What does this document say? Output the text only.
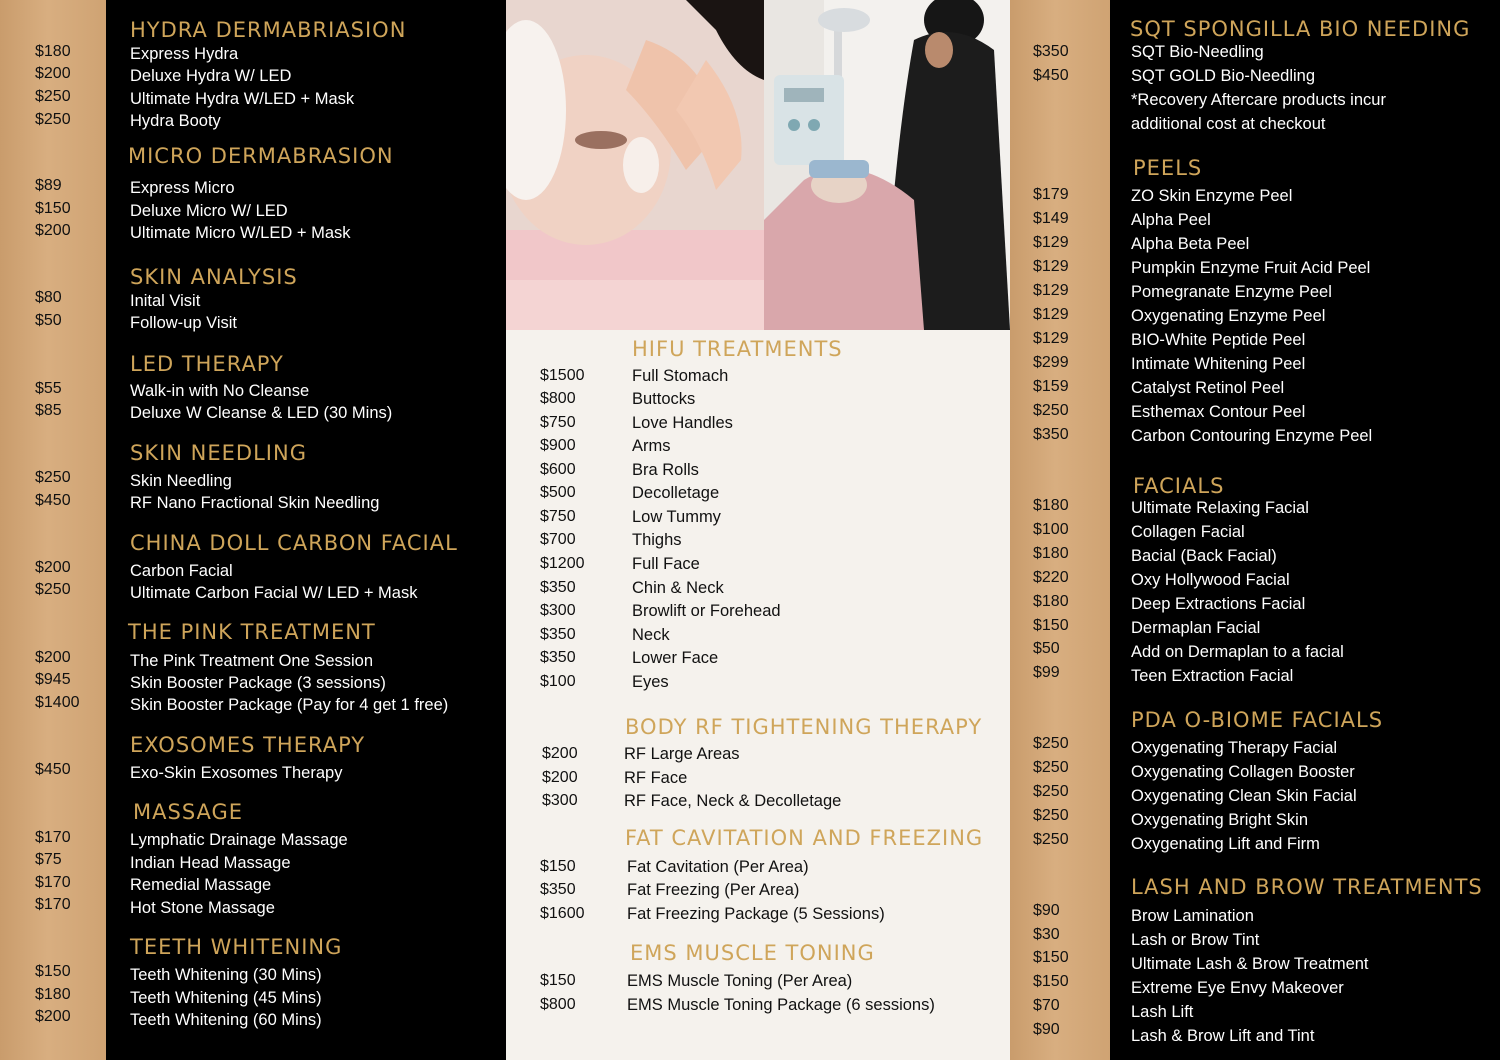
HYDRA DERMABRIASION
$180	Express Hydra
$200	Deluxe Hydra W/ LED
$250	Ultimate Hydra W/LED + Mask
$250	Hydra Booty
MICRO DERMABRASION
$89	Express Micro
$150	Deluxe Micro W/ LED
$200	Ultimate Micro W/LED + Mask
SKIN ANALYSIS
$80	Inital Visit
$50	Follow-up Visit
LED THERAPY
$55	Walk-in with No Cleanse
$85	Deluxe W Cleanse & LED (30 Mins)
SKIN NEEDLING
$250	Skin Needling
$450	RF Nano Fractional Skin Needling
CHINA DOLL CARBON FACIAL
$200	Carbon Facial
$250	Ultimate Carbon Facial W/ LED + Mask
THE PINK TREATMENT
$200	The Pink Treatment One Session
$945	Skin Booster Package (3 sessions)
$1400	Skin Booster Package (Pay for 4 get 1 free)
EXOSOMES THERAPY
$450	Exo-Skin Exosomes Therapy
MASSAGE
$170	Lymphatic Drainage Massage
$75	Indian Head Massage
$170	Remedial Massage
$170	Hot Stone Massage
TEETH WHITENING
$150	Teeth Whitening (30 Mins)
$180	Teeth Whitening (45 Mins)
$200	Teeth Whitening (60 Mins)
HIFU TREATMENTS
$1500	Full Stomach
$800	Buttocks
$750	Love Handles
$900	Arms
$600	Bra Rolls
$500	Decolletage
$750	Low Tummy
$700	Thighs
$1200	Full Face
$350	Chin & Neck
$300	Browlift or Forehead
$350	Neck
$350	Lower Face
$100	Eyes
BODY RF TIGHTENING THERAPY
$200	RF Large Areas
$200	RF Face
$300	RF Face, Neck & Decolletage
FAT CAVITATION AND FREEZING
$150	Fat Cavitation (Per Area)
$350	Fat Freezing (Per Area)
$1600	Fat Freezing Package (5 Sessions)
EMS MUSCLE TONING
$150	EMS Muscle Toning (Per Area)
$800	EMS Muscle Toning Package (6 sessions)
SQT SPONGILLA BIO NEEDING
$350	SQT Bio-Needling
$450	SQT GOLD Bio-Needling
*Recovery Aftercare products incur
additional cost at checkout
PEELS
$179	ZO Skin Enzyme Peel
$149	Alpha Peel
$129	Alpha Beta Peel
$129	Pumpkin Enzyme Fruit Acid Peel
$129	Pomegranate Enzyme Peel
$129	Oxygenating Enzyme Peel
$129	BIO-White Peptide Peel
$299	Intimate Whitening Peel
$159	Catalyst Retinol Peel
$250	Esthemax Contour Peel
$350	Carbon Contouring Enzyme Peel
FACIALS
$180	Ultimate Relaxing Facial
$100	Collagen Facial
$180	Bacial (Back Facial)
$220	Oxy Hollywood Facial
$180	Deep Extractions Facial
$150	Dermaplan Facial
$50	Add on Dermaplan to a facial
$99	Teen Extraction Facial
PDA O-BIOME FACIALS
$250	Oxygenating Therapy Facial
$250	Oxygenating Collagen Booster
$250	Oxygenating Clean Skin Facial
$250	Oxygenating Bright Skin
$250	Oxygenating Lift and Firm
LASH AND BROW TREATMENTS
$90	Brow Lamination
$30	Lash or Brow Tint
$150	Ultimate Lash & Brow Treatment
$150	Extreme Eye Envy Makeover
$70	Lash Lift
$90	Lash & Brow Lift and Tint
